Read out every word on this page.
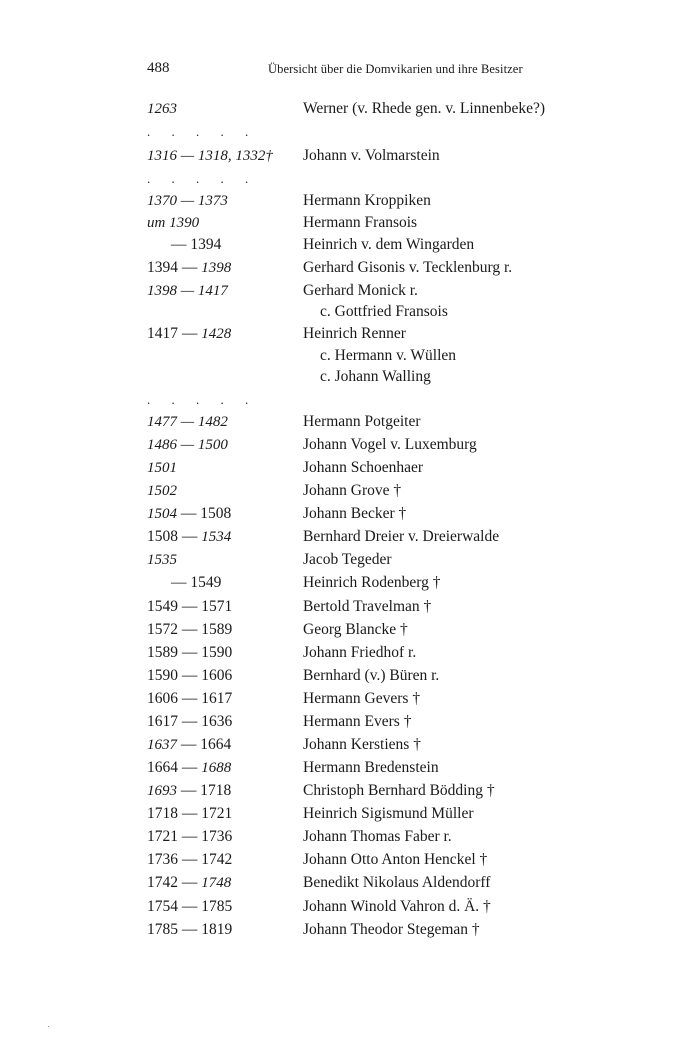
488	Übersicht über die Domvikarien und ihre Besitzer
1263	Werner (v. Rhede gen. v. Linnenbeke?)
. . . . .
1316 — 1318, 1332† Johann v. Volmarstein
. . . . .
1370 — 1373	Hermann Kroppiken
um 1390	Hermann Fransois
— 1394	Heinrich v. dem Wingarden
1394 — 1398	Gerhard Gisonis v. Tecklenburg r.
1398 — 1417	Gerhard Monick r.
c. Gottfried Fransois
1417 — 1428	Heinrich Renner
c. Hermann v. Wüllen
c. Johann Walling
. . . . .
1477 — 1482	Hermann Potgeiter
1486 — 1500	Johann Vogel v. Luxemburg
1501	Johann Schoenhaer
1502	Johann Grove †
1504 — 1508	Johann Becker †
1508 — 1534	Bernhard Dreier v. Dreierwalde
1535	Jacob Tegeder
— 1549	Heinrich Rodenberg †
1549 — 1571	Bertold Travelman †
1572 — 1589	Georg Blancke †
1589 — 1590	Johann Friedhof r.
1590 — 1606	Bernhard (v.) Büren r.
1606 — 1617	Hermann Gevers †
1617 — 1636	Hermann Evers †
1637 — 1664	Johann Kerstiens †
1664 — 1688	Hermann Bredenstein
1693 — 1718	Christoph Bernhard Bödding †
1718 — 1721	Heinrich Sigismund Müller
1721 — 1736	Johann Thomas Faber r.
1736 — 1742	Johann Otto Anton Henckel †
1742 — 1748	Benedikt Nikolaus Aldendorff
1754 — 1785	Johann Winold Vahron d. Ä. †
1785 — 1819	Johann Theodor Stegeman †
